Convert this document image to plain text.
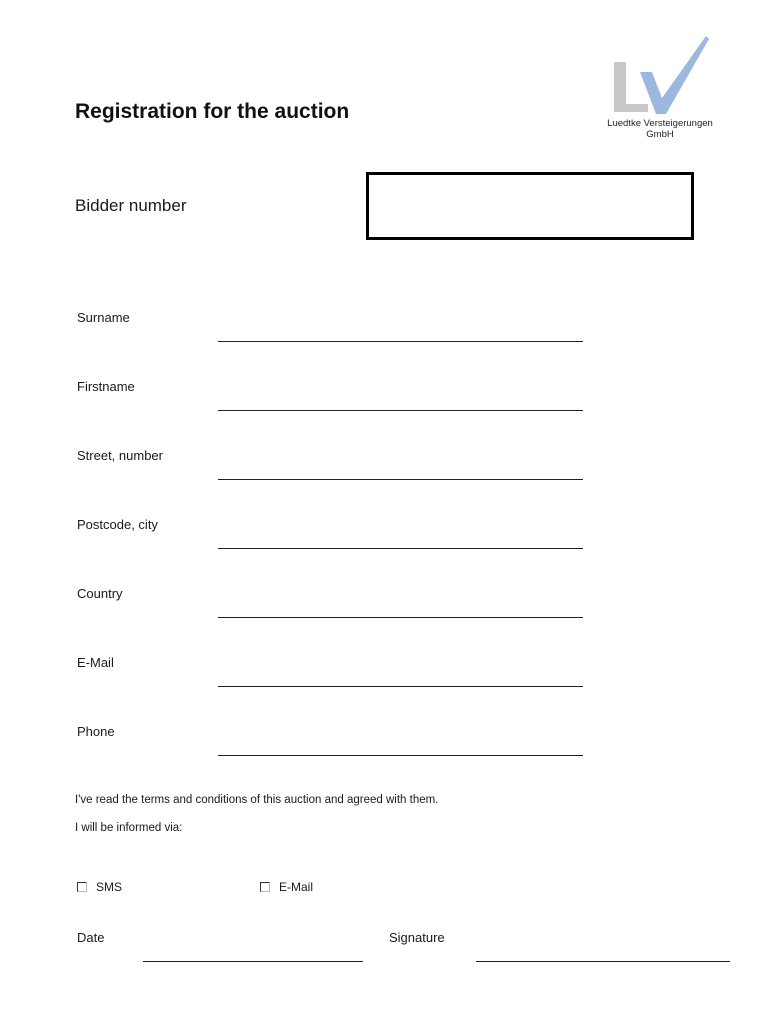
Registration for the auction
Luedtke Versteigerungen
GmbH
Bidder number
Surname
Firstname
Street, number
Postcode, city
Country
E-Mail
Phone
I've read the terms and conditions of this auction and agreed with them.
I will be informed via:
SMS	E-Mail
Date	Signature
